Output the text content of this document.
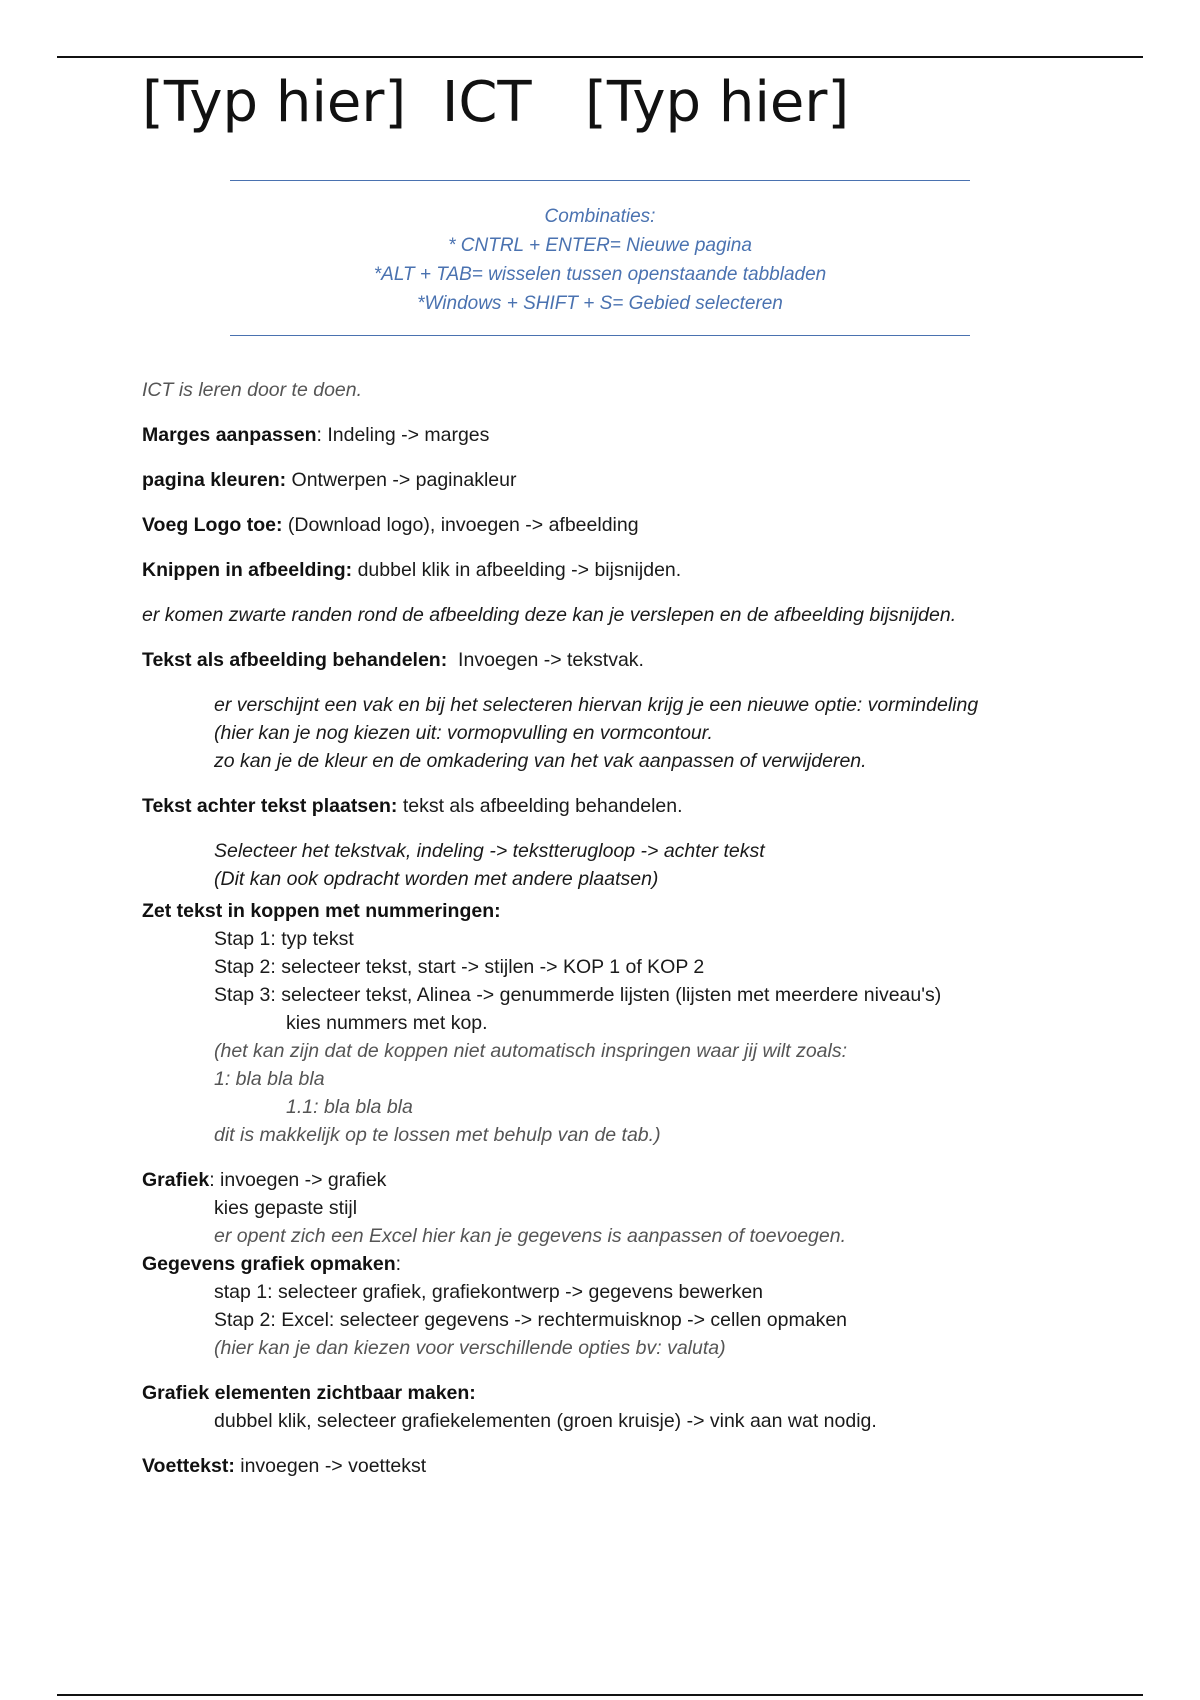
[Typ hier] ICT [Typ hier]
Combinaties:
* CNTRL + ENTER= Nieuwe pagina
*ALT + TAB= wisselen tussen openstaande tabbladen
*Windows + SHIFT + S= Gebied selecteren

ICT is leren door te doen.

Marges aanpassen: Indeling -> marges

pagina kleuren: Ontwerpen -> paginakleur

Voeg Logo toe: (Download logo), invoegen -> afbeelding

Knippen in afbeelding: dubbel klik in afbeelding -> bijsnijden.

er komen zwarte randen rond de afbeelding deze kan je verslepen en de afbeelding bijsnijden.

Tekst als afbeelding behandelen:  Invoegen -> tekstvak.

er verschijnt een vak en bij het selecteren hiervan krijg je een nieuwe optie: vormindeling

(hier kan je nog kiezen uit: vormopvulling en vormcontour.

zo kan je de kleur en de omkadering van het vak aanpassen of verwijderen.

Tekst achter tekst plaatsen: tekst als afbeelding behandelen.

Selecteer het tekstvak, indeling -> tekstterugloop -> achter tekst

(Dit kan ook opdracht worden met andere plaatsen)

Zet tekst in koppen met nummeringen:

Stap 1: typ tekst

Stap 2: selecteer tekst, start -> stijlen -> KOP 1 of KOP 2

Stap 3: selecteer tekst, Alinea -> genummerde lijsten (lijsten met meerdere niveau's)

kies nummers met kop.

(het kan zijn dat de koppen niet automatisch inspringen waar jij wilt zoals:

1: bla bla bla

1.1: bla bla bla

dit is makkelijk op te lossen met behulp van de tab.)

Grafiek: invoegen -> grafiek

kies gepaste stijl

er opent zich een Excel hier kan je gegevens is aanpassen of toevoegen.

Gegevens grafiek opmaken:

stap 1: selecteer grafiek, grafiekontwerp -> gegevens bewerken

Stap 2: Excel: selecteer gegevens -> rechtermuisknop -> cellen opmaken

(hier kan je dan kiezen voor verschillende opties bv: valuta)

Grafiek elementen zichtbaar maken:

dubbel klik, selecteer grafiekelementen (groen kruisje) -> vink aan wat nodig.

Voettekst: invoegen -> voettekst
